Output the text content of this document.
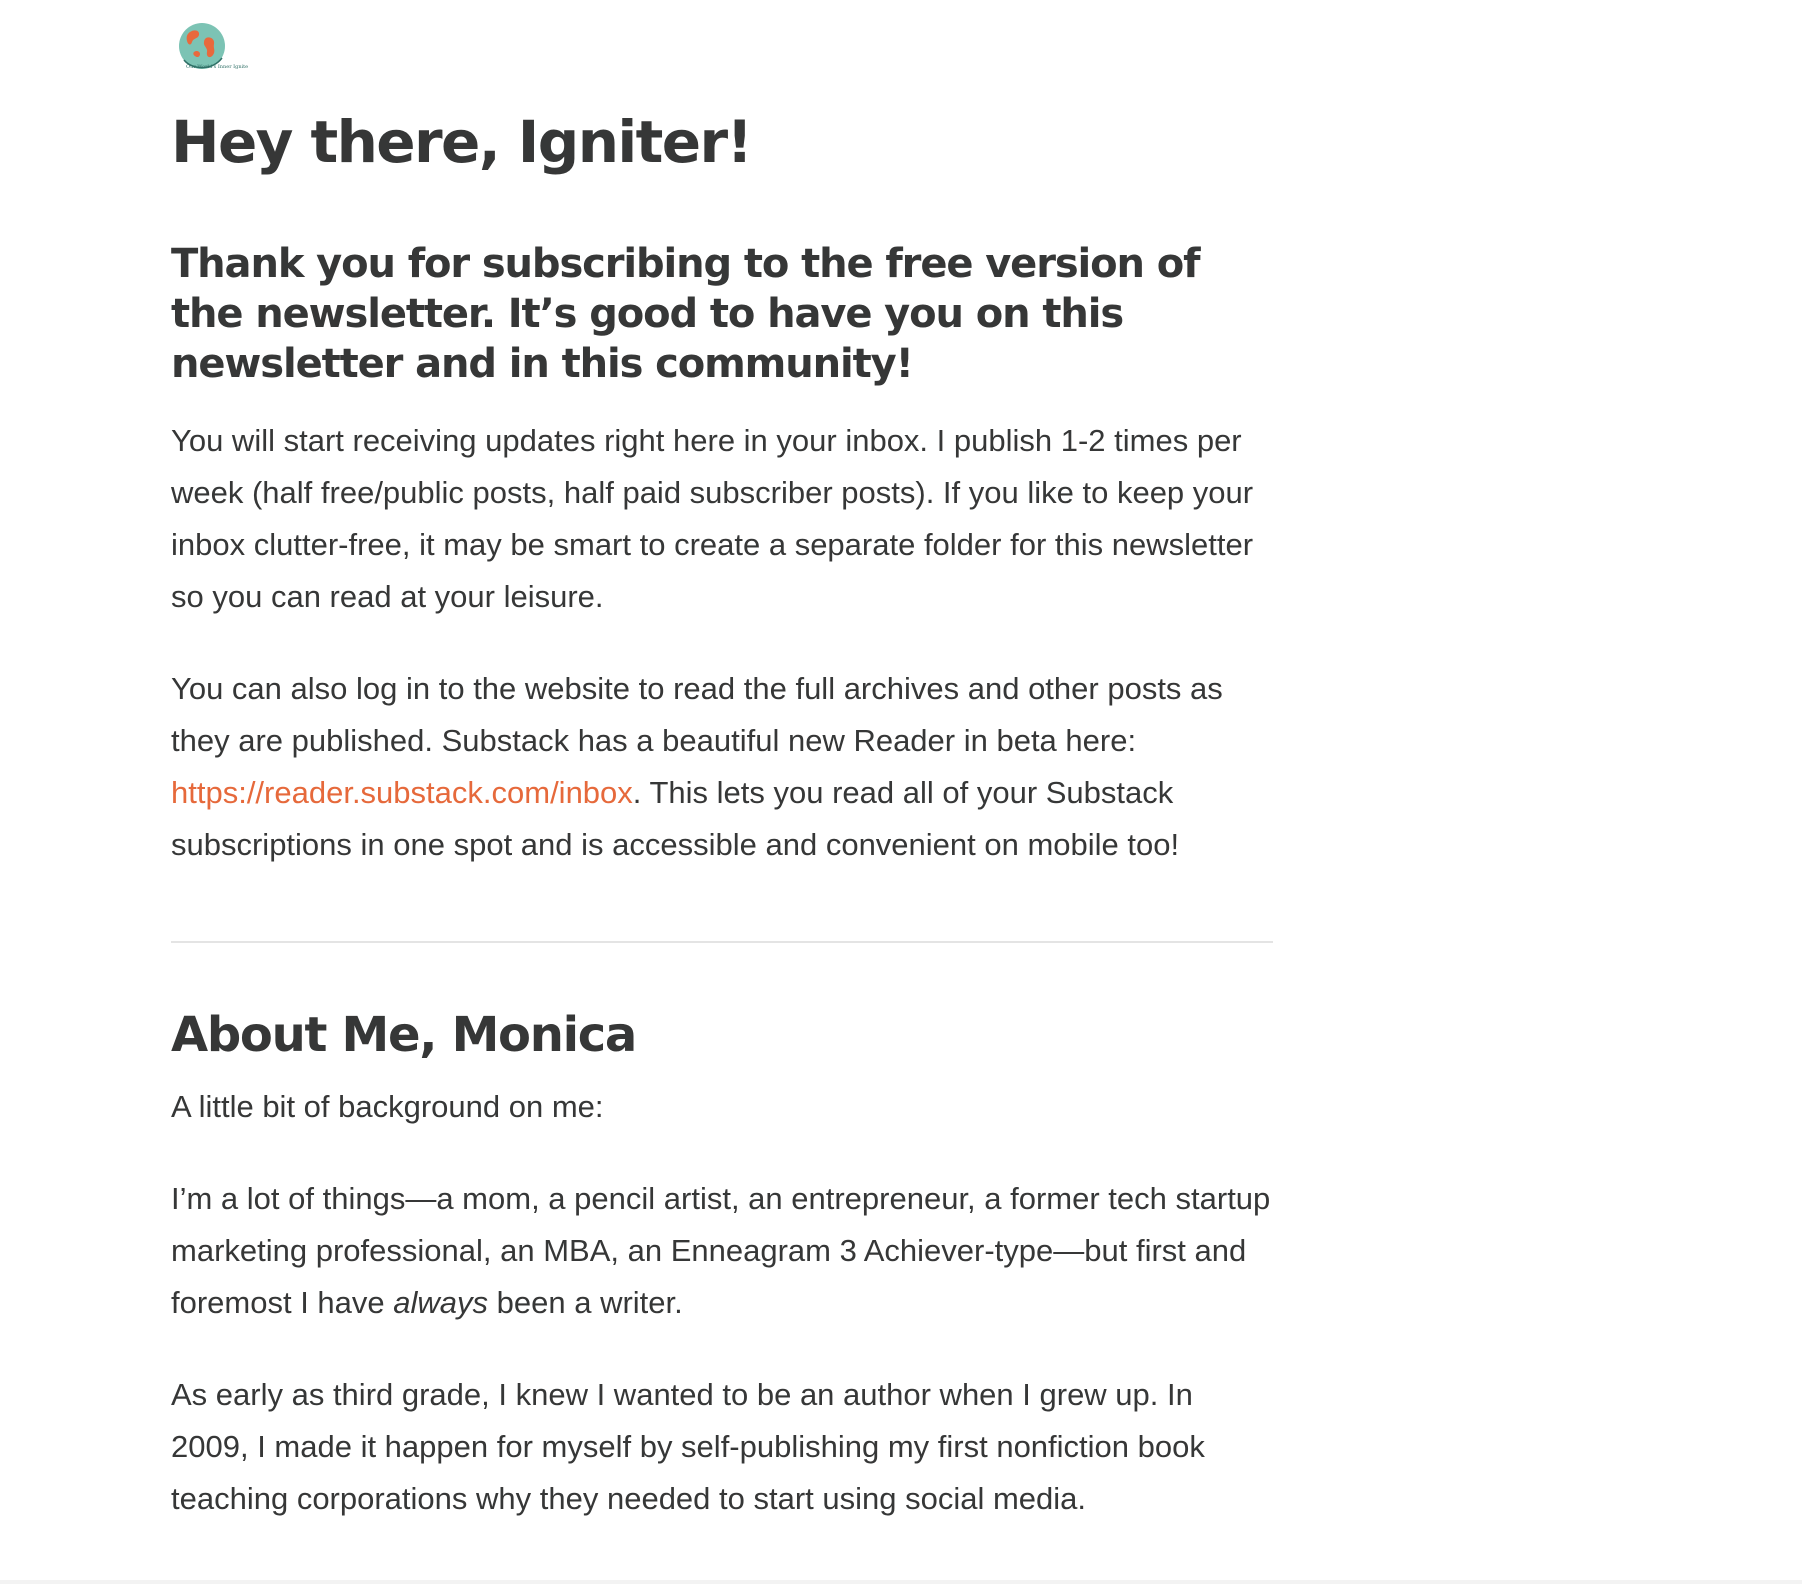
Our World's Inner Ignite
Hey there, Igniter!
Thank you for subscribing to the free version of the newsletter. It’s good to have you on this newsletter and in this community!

You will start receiving updates right here in your inbox. I publish 1-2 times per week (half free/public posts, half paid subscriber posts). If you like to keep your inbox clutter-free, it may be smart to create a separate folder for this newsletter so you can read at your leisure.

You can also log in to the website to read the full archives and other posts as they are published. Substack has a beautiful new Reader in beta here: https://reader.substack.com/inbox. This lets you read all of your Substack subscriptions in one spot and is accessible and convenient on mobile too!

About Me, Monica

A little bit of background on me:

I’m a lot of things—a mom, a pencil artist, an entrepreneur, a former tech startup marketing professional, an MBA, an Enneagram 3 Achiever-type—but first and foremost I have always been a writer.

As early as third grade, I knew I wanted to be an author when I grew up. In 2009, I made it happen for myself by self-publishing my first nonfiction book teaching corporations why they needed to start using social media.
